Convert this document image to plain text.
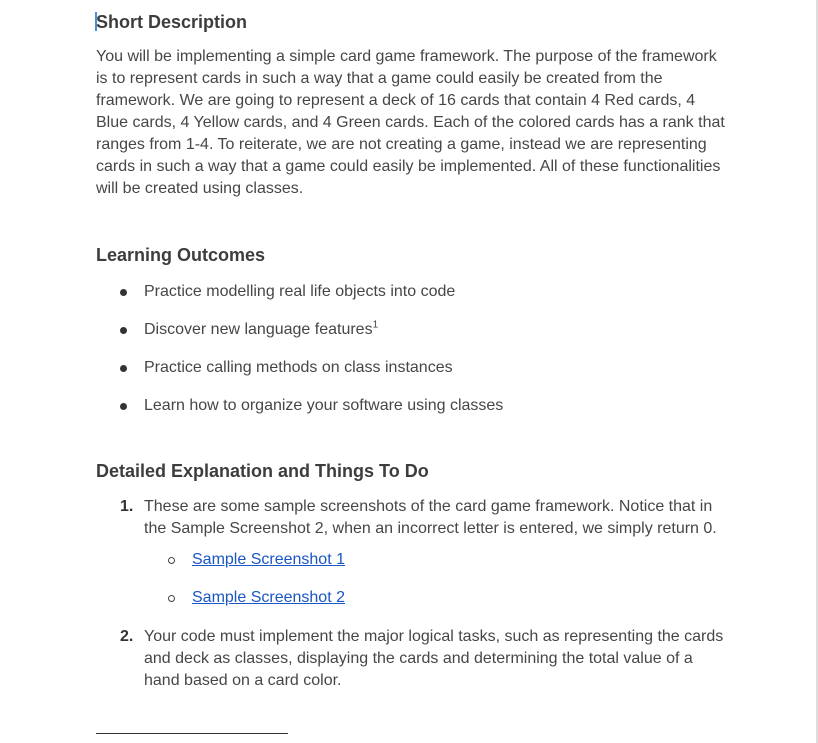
Short Description

You will be implementing a simple card game framework. The purpose of the framework is to represent cards in such a way that a game could easily be created from the framework. We are going to represent a deck of 16 cards that contain 4 Red cards, 4 Blue cards, 4 Yellow cards, and 4 Green cards. Each of the colored cards has a rank that ranges from 1-4. To reiterate, we are not creating a game, instead we are representing cards in such a way that a game could easily be implemented. All of these functionalities will be created using classes.

Learning Outcomes
Practice modelling real life objects into code
Discover new language features$^1$
Practice calling methods on class instances
Learn how to organize your software using classes
Detailed Explanation and Things To Do
1. These are some sample screenshots of the card game framework. Notice that in the Sample Screenshot 2, when an incorrect letter is entered, we simply return 0.
Sample Screenshot 1
Sample Screenshot 2
2. Your code must implement the major logical tasks, such as representing the cards and deck as classes, displaying the cards and determining the total value of a hand based on a card color.
